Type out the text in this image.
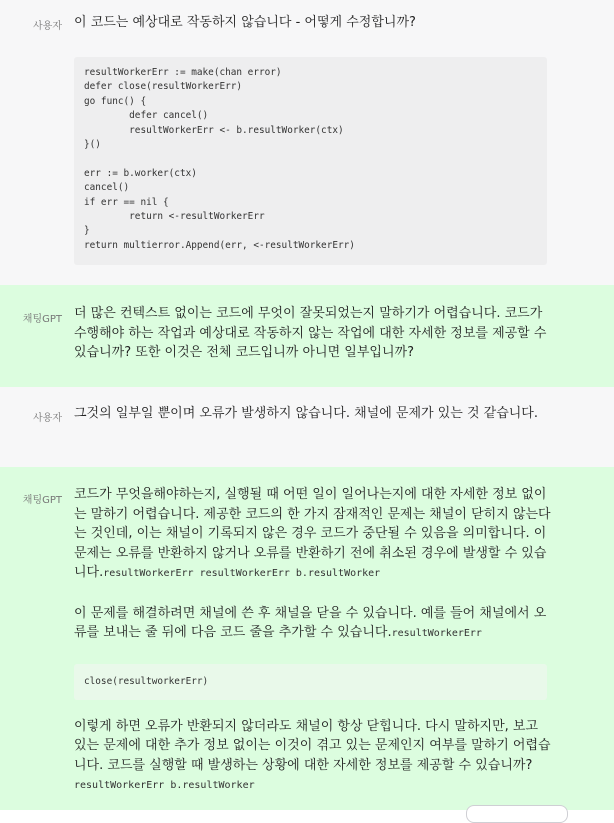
사용자 이 코드는 예상대로 작동하지 않습니다 - 어떻게 수정합니까?

resultWorkerErr := make(chan error)
defer close(resultWorkerErr)
go func() {
defer cancel()
resultWorkerErr <- b.resultWorker(ctx)
}()

err := b.worker(ctx)
cancel()
if err == nil {
return <-resultWorkerErr
}
return multierror.Append(err, <-resultWorkerErr)
채팅GPT 더 많은 컨텍스트 없이는 코드에 무엇이 잘못되었는지 말하기가 어렵습니다. 코드가 수행해야 하는 작업과 예상대로 작동하지 않는 작업에 대한 자세한 정보를 제공할 수 있습니까? 또한 이것은 전체 코드입니까 아니면 일부입니까?

사용자 그것의 일부일 뿐이며 오류가 발생하지 않습니다. 채널에 문제가 있는 것 같습니다.

채팅GPT 코드가 무엇을해야하는지, 실행될 때 어떤 일이 일어나는지에 대한 자세한 정보 없이는 말하기 어렵습니다. 제공한 코드의 한 가지 잠재적인 문제는 채널이 닫히지 않는다는 것인데, 이는 채널이 기록되지 않은 경우 코드가 중단될 수 있음을 의미합니다. 이 문제는 오류를 반환하지 않거나 오류를 반환하기 전에 취소된 경우에 발생할 수 있습니다.resultWorkerErr resultWorkerErr b.resultWorker

이 문제를 해결하려면 채널에 쓴 후 채널을 닫을 수 있습니다. 예를 들어 채널에서 오류를 보내는 줄 뒤에 다음 코드 줄을 추가할 수 있습니다.resultWorkerErr

close(resultworkerErr)

이렇게 하면 오류가 반환되지 않더라도 채널이 항상 닫힙니다. 다시 말하지만, 보고 있는 문제에 대한 추가 정보 없이는 이것이 겪고 있는 문제인지 여부를 말하기 어렵습니다. 코드를 실행할 때 발생하는 상황에 대한 자세한 정보를 제공할 수 있습니까?resultWorkerErr b.resultWorker
